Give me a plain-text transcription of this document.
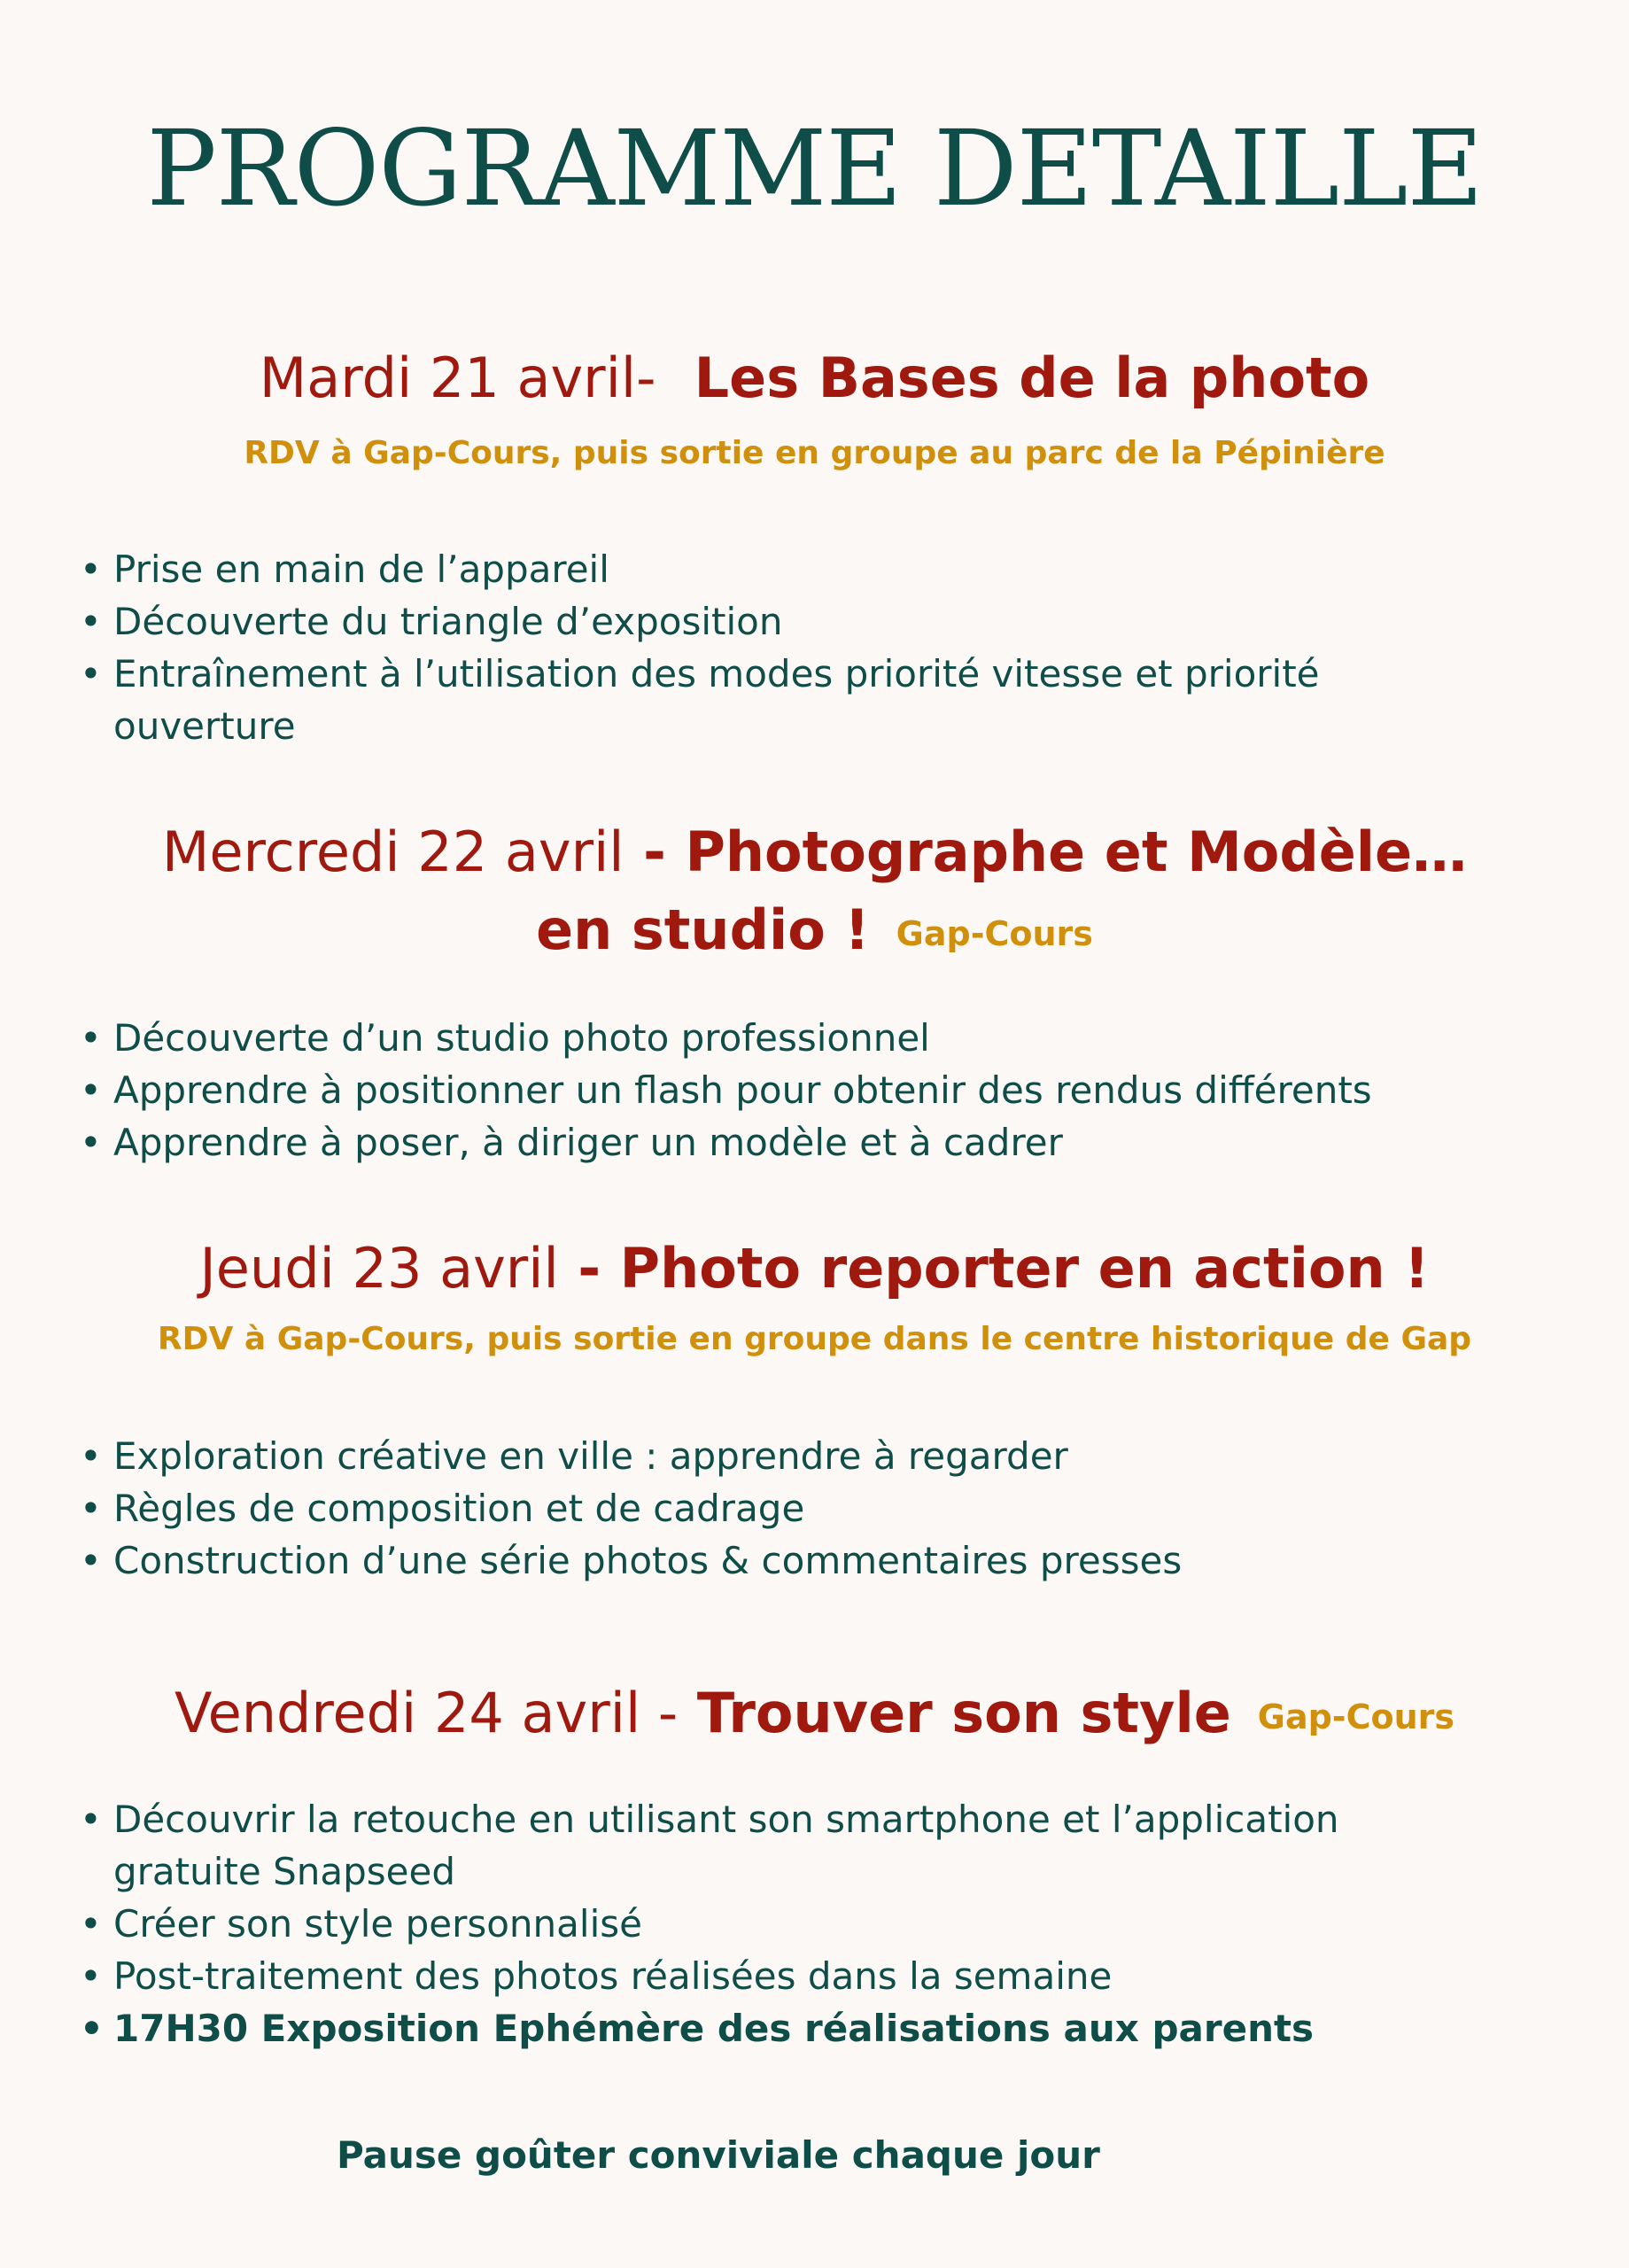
PROGRAMME DETAILLE
Mardi 21 avril- Les Bases de la photo
RDV à Gap-Cours, puis sortie en groupe au parc de la Pépinière
• Prise en main de l’appareil
• Découverte du triangle d’exposition
• Entraînement à l’utilisation des modes priorité vitesse et priorité
ouverture
Mercredi 22 avril - Photographe et Modèle…
en studio ! Gap-Cours
• Découverte d’un studio photo professionnel
• Apprendre à positionner un flash pour obtenir des rendus différents
• Apprendre à poser, à diriger un modèle et à cadrer
Jeudi 23 avril - Photo reporter en action !
RDV à Gap-Cours, puis sortie en groupe dans le centre historique de Gap
• Exploration créative en ville : apprendre à regarder
• Règles de composition et de cadrage
• Construction d’une série photos & commentaires presses
Vendredi 24 avril - Trouver son style Gap-Cours
• Découvrir la retouche en utilisant son smartphone et l’application
gratuite Snapseed
• Créer son style personnalisé
• Post-traitement des photos réalisées dans la semaine
• 17H30 Exposition Ephémère des réalisations aux parents
Pause goûter conviviale chaque jour
